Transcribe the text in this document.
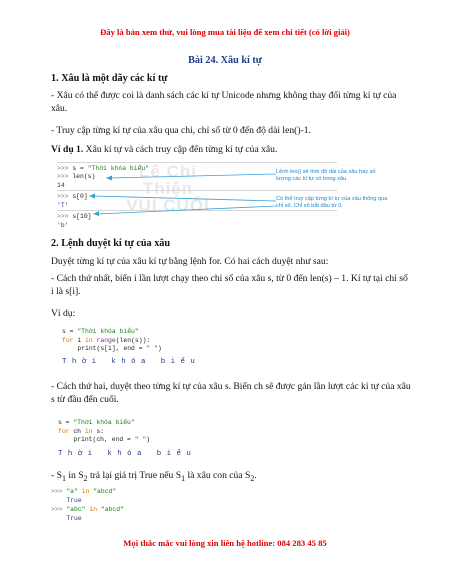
Đây là bản xem thử, vui lòng mua tài liệu để xem chi tiết (có lời giải)
Bài 24. Xâu kí tự
1. Xâu là một dãy các kí tự
- Xâu có thể được coi là danh sách các kí tự Unicode nhưng không thay đổi từng kí tự của xâu.
- Truy cập từng kí tự của xâu qua chỉ, chỉ số từ 0 đến độ dài len()-1.
Ví dụ 1. Xâu kí tự và cách truy cập đến từng kí tự của xâu.
Lê Chí Thiện
VUI CUỐI
>>> s = "Thời khóa biểu"
>>> len(s)
14
>>> s[0]
'T'
>>> s[10]
'b'
Lệnh len() sẽ tính độ dài của xâu hay số lượng các kí tự có trong xâu.
Có thể truy cập từng kí tự của xâu thông qua chỉ số. Chỉ số bắt đầu từ 0.
2. Lệnh duyệt kí tự của xâu
Duyệt từng kí tự của xâu kí tự bằng lệnh for. Có hai cách duyệt như sau:
- Cách thứ nhất, biến i lần lượt chạy theo chỉ số của xâu s, từ 0 đến len(s) – 1. Kí tự tại chỉ số i là s[i].
Ví dụ:
s = "Thời khóa biểu"
for i in range(len(s)):
print(s[i], end = " ")
T h ờ i   k h ó a   b i ể u
- Cách thứ hai, duyệt theo từng kí tự của xâu s. Biến ch sẽ được gán lần lượt các kí tự của xâu s từ đầu đến cuối.
s = "Thời khóa biểu"
for ch in s:
print(ch, end = " ")
T h ờ i   k h ó a   b i ể u
- $S_1$ in $S_2$ trả lại giá trị True nếu $S_1$ là xâu con của $S_2$.
>>> "a" in "abcd"
True
>>> "abc" in "abcd"
True
Mọi thắc mắc vui lòng xin liên hệ hotline: 084 283 45 85
